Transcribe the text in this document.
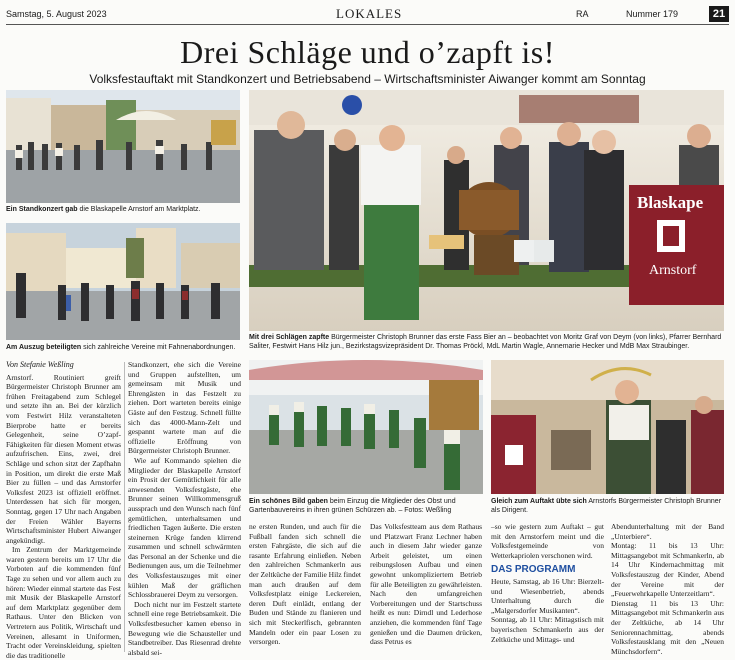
Samstag, 5. August 2023	LOKALES	RA	Nummer 179	21
Drei Schläge und o’zapft is!
Volksfestauftakt mit Standkonzert und Betriebsabend – Wirtschaftsminister Aiwanger kommt am Sonntag
Ein Standkonzert gab die Blaskapelle Arnstorf am Marktplatz.
Am Auszug beteiligten sich zahlreiche Vereine mit Fahnenabordnungen.
Blaskape
Arnstorf
Mit drei Schlägen zapfte Bürgermeister Christoph Brunner das erste Fass Bier an – beobachtet von Moritz Graf von Deym (von links), Pfarrer Bernhard Saliter, Festwirt Hans Hilz jun., Bezirkstagsvizepräsident Dr. Thomas Pröckl, MdL Martin Wagle, Annemarie Hecker und MdB Max Straubinger.
Ein schönes Bild gaben beim Einzug die Mitglieder des Obst und Gartenbauvereins in ihren grünen Schürzen ab. – Fotos: Weßling
Gleich zum Auftakt übte sich Arnstorfs Bürgermeister Christoph Brunner als Dirigent.

Von Stefanie Weßling

Arnstorf. Routiniert greift Bürgermeister Christoph Brunner am frühen Freitagabend zum Schlegel und setzte ihn an. Bei der kürzlich vom Festwirt Hilz veranstalteten Bierprobe hatte er bereits Gelegenheit, seine O’zapf-Fähigkeiten für diesen Moment etwas aufzufrischen. Eins, zwei, drei Schläge und schon sitzt der Zapfhahn in Position, um direkt die erste Maß Bier zu füllen – und das Arnstorfer Volksfest 2023 ist offiziell eröffnet. Unterdessen hat sich für morgen, Sonntag, gegen 17 Uhr nach Angaben der Freien Wähler Bayerns Wirtschaftsminister Hubert Aiwanger angekündigt.

Im Zentrum der Marktgemeinde waren gestern bereits um 17 Uhr die Vorboten auf die kommenden fünf Tage zu sehen und vor allem auch zu hören: Wieder einmal startete das Fest mit Musik der Blaskapelle Arnstorf auf dem Marktplatz gegenüber dem Rathaus. Unter den Blicken von Vertretern aus Politik, Wirtschaft und Vereinen, allesamt in Uniformen, Tracht oder Vereinskleidung, spielten die das traditionelle

Standkonzert, ehe sich die Vereine und Gruppen aufstellten, um gemeinsam mit Musik und Ehrengästen in das Festzelt zu ziehen. Dort warteten bereits einige Gäste auf den Festzug. Schnell füllte sich das 4000-Mann-Zelt und gespannt wartete man auf die offizielle Eröffnung von Bürgermeister Christoph Brunner.

Wie auf Kommando spielten die Mitglieder der Blaskapelle Arnstorf ein Prosit der Gemütlichkeit für alle anwesenden Volksfestgäste, ehe Brunner seinen Willkommensgruß aussprach und den Wunsch nach fünf gemütlichen, unterhaltsamen und friedlichen Tagen äußerte. Die ersten steinernen Krüge fanden klirrend zusammen und schnell schwärmten das Personal an der Schenke und die Bedienungen aus, um die Teilnehmer des Volksfestauszuges mit einer kühlen Maß der gräflichen Schlossbrauerei Deym zu versorgen.

Doch nicht nur im Festzelt startete schnell eine rege Betriebsamkeit. Die Volksfestbesucher kamen ebenso in Bewegung wie die Schausteller und Standbetreiber. Das Riesenrad drehte alsbald sei-

ne ersten Runden, und auch für die Fußball fanden sich schnell die ersten Fahrgäste, die sich auf die rasante Erfahrung einließen. Neben den zahlreichen Schmankerln aus der Zeltküche der Familie Hilz findet man auch draußen auf dem Volksfestplatz einige Leckereien, deren Duft einlädt, entlang der Buden und Stände zu flanieren und sich mit Steckerlfisch, gebrannten Mandeln oder ein paar Losen zu versorgen.

Das Volksfestteam aus dem Rathaus und Platzwart Franz Lechner haben auch in diesem Jahr wieder ganze Arbeit geleistet, um einen reibungslosen Aufbau und einen gewohnt unkompliziertem Betrieb für alle Beteiligten zu gewährleisten. Nach den umfangreichen Vorbereitungen und der Startschuss heißt es nun: Dirndl und Lederhose anziehen, die kommenden fünf Tage genießen und die Daumen drücken, dass Petrus es

–so wie gestern zum Auftakt – gut mit den Arnstorfern meint und die Volksfestgemeinde von Wetterkapriolen verschonen wird.

DAS PROGRAMM

Heute, Samstag, ab 16 Uhr: Bierzelt- und Wiesenbetrieb, abends Unterhaltung durch die „Malgersdorfer Musikanten“.

Sonntag, ab 11 Uhr: Mittagstisch mit bayerischen Schmankerln aus der Zeltküche und Mittags- und

Abendunterhaltung mit der Band „Unterbiere“.

Montag: 11 bis 13 Uhr: Mittagsangebot mit Schmankerln, ab 14 Uhr Kindernachmittag mit Volksfestauszug der Kinder, Abend der Vereine mit der „Feuerwehrkapelle Unterzeitlarn“.

Dienstag 11 bis 13 Uhr: Mittagsangebot mit Schmankerln aus der Zeltküche, ab 14 Uhr Seniorennachmittag, abends Volksfestausklang mit den „Neuen Münchsdorfern“.
